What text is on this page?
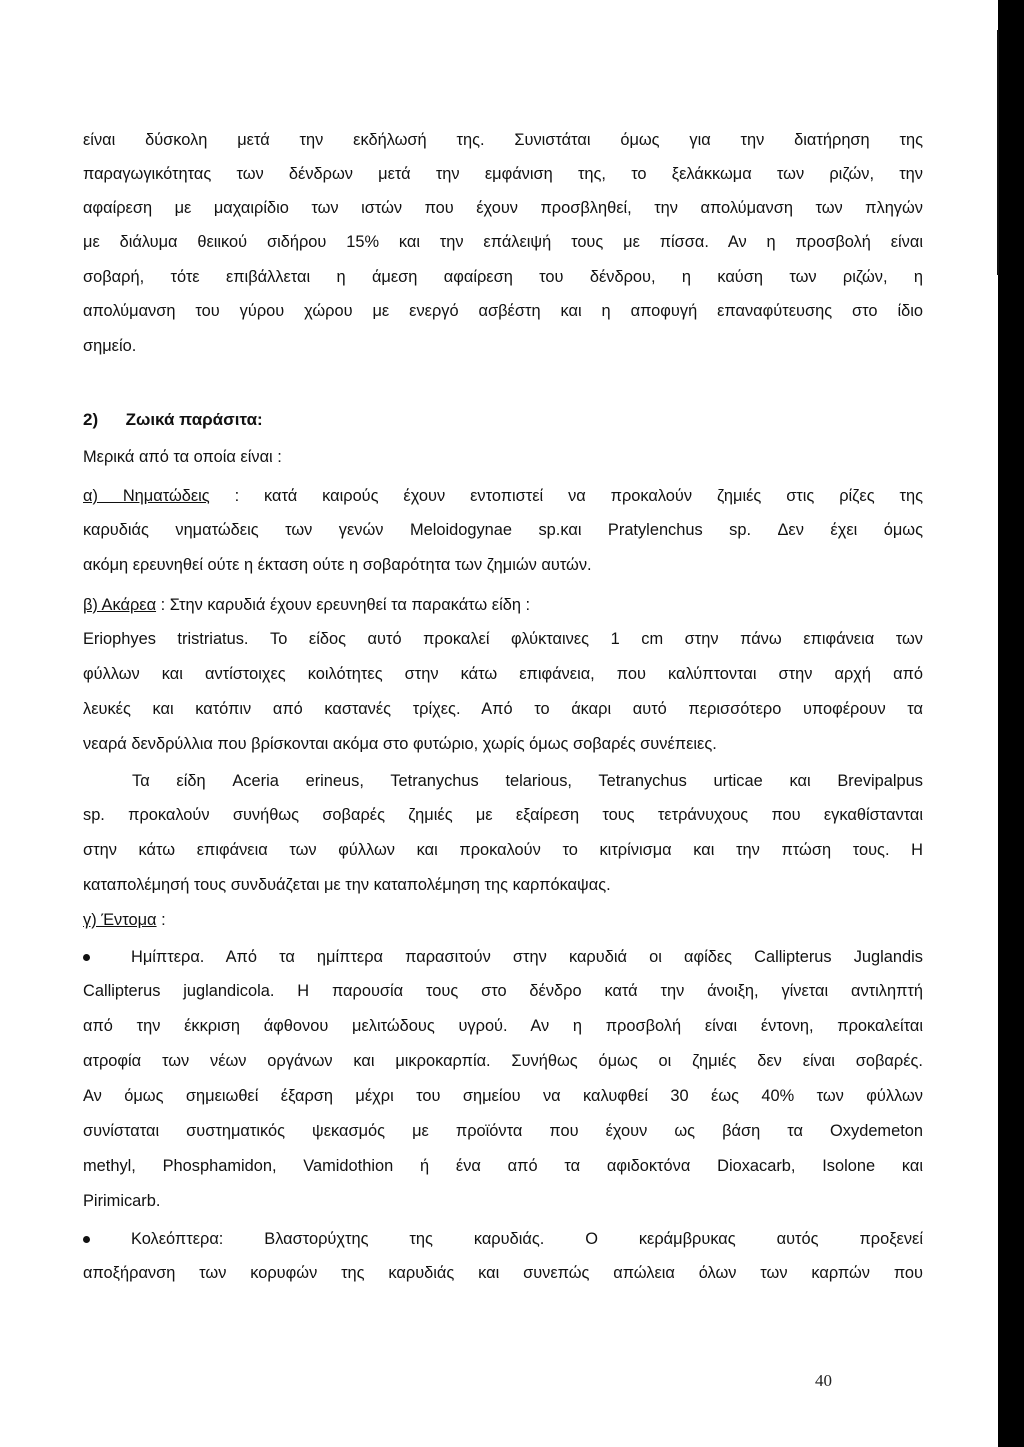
είναι δύσκολη μετά την εκδήλωσή της. Συνιστάται όμως για την διατήρηση της
παραγωγικότητας των δένδρων μετά την εμφάνιση της, το ξελάκκωμα των ριζών, την
αφαίρεση με μαχαιρίδιο των ιστών που έχουν προσβληθεί, την απολύμανση των πληγών
με διάλυμα θειικού σιδήρου 15% και την επάλειψή τους με πίσσα. Αν η προσβολή είναι
σοβαρή, τότε επιβάλλεται η άμεση αφαίρεση του δένδρου, η καύση των ριζών, η
απολύμανση του γύρου χώρου με ενεργό ασβέστη και η αποφυγή επαναφύτευσης στο ίδιο
σημείο.
2) Ζωικά παράσιτα:
Μερικά από τα οποία είναι :
α) Νηματώδεις : κατά καιρούς έχουν εντοπιστεί να προκαλούν ζημιές στις ρίζες της
καρυδιάς νηματώδεις των γενών Meloidogynae sp.και Pratylenchus sp. Δεν έχει όμως
ακόμη ερευνηθεί ούτε η έκταση ούτε η σοβαρότητα των ζημιών αυτών.
β) Ακάρεα : Στην καρυδιά έχουν ερευνηθεί τα παρακάτω είδη :
Eriophyes tristriatus. Το είδος αυτό προκαλεί φλύκταινες 1 cm στην πάνω επιφάνεια των
φύλλων και αντίστοιχες κοιλότητες στην κάτω επιφάνεια, που καλύπτονται στην αρχή από
λευκές και κατόπιν από καστανές τρίχες. Από το άκαρι αυτό περισσότερο υποφέρουν τα
νεαρά δενδρύλλια που βρίσκονται ακόμα στο φυτώριο, χωρίς όμως σοβαρές συνέπειες.
Τα είδη Aceria erineus, Tetranychus telarious, Tetranychus urticae και Brevipalpus
sp. προκαλούν συνήθως σοβαρές ζημιές με εξαίρεση τους τετράνυχους που εγκαθίστανται
στην κάτω επιφάνεια των φύλλων και προκαλούν το κιτρίνισμα και την πτώση τους. Η
καταπολέμησή τους συνδυάζεται με την καταπολέμηση της καρπόκαψας.
γ) Έντομα :
Ημίπτερα. Από τα ημίπτερα παρασιτούν στην καρυδιά οι αφίδες Callipterus Juglandis
Callipterus juglandicola. Η παρουσία τους στο δένδρο κατά την άνοιξη, γίνεται αντιληπτή
από την έκκριση άφθονου μελιτώδους υγρού. Αν η προσβολή είναι έντονη, προκαλείται
ατροφία των νέων οργάνων και μικροκαρπία. Συνήθως όμως οι ζημιές δεν είναι σοβαρές.
Αν όμως σημειωθεί έξαρση μέχρι του σημείου να καλυφθεί 30 έως 40% των φύλλων
συνίσταται συστηματικός ψεκασμός με προϊόντα που έχουν ως βάση τα Oxydemeton
methyl, Phosphamidon, Vamidothion ή ένα από τα αφιδοκτόνα Dioxacarb, Isolone και
Pirimicarb.
Κολεόπτερα: Βλαστορύχτης της καρυδιάς. Ο κεράμβρυκας αυτός προξενεί
αποξήρανση των κορυφών της καρυδιάς και συνεπώς απώλεια όλων των καρπών που
40
